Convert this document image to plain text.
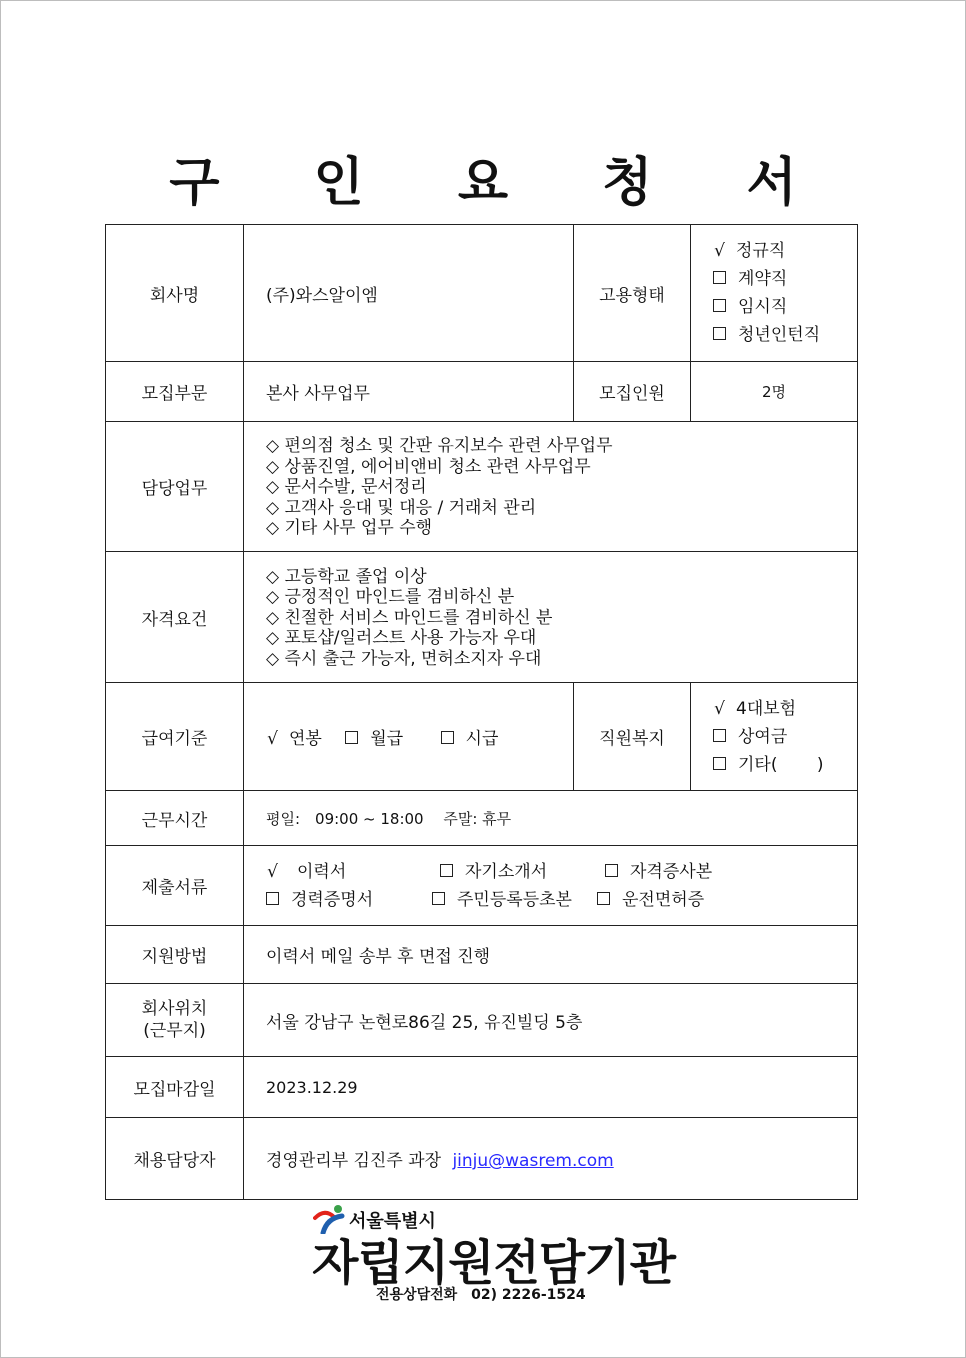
구 인 요 청 서
회사명	(주)와스알이엠	고용형태	√ 정규직
계약직
임시직
청년인턴직

모집부문	본사 사무업무	모집인원	2명
담당업무	◇ 편의점 청소 및 간판 유지보수 관련 사무업무
◇ 상품진열, 에어비앤비 청소 관련 사무업무
◇ 문서수발, 문서정리
◇ 고객사 응대 및 대응 / 거래처 관리
◇ 기타 사무 업무 수행		

자격요건	◇ 고등학교 졸업 이상
◇ 긍정적인 마인드를 겸비하신 분
◇ 친절한 서비스 마인드를 겸비하신 분
◇ 포토샵/일러스트 사용 가능자 우대
◇ 즉시 출근 가능자, 면허소지자 우대		

급여기준	√ 연봉 월급 시급	직원복지	√ 4대보험
상여금
기타(　　 )

근무시간	평일:　09:00 ~ 18:00　 주말: 휴무		
제출서류	√ 이력서 자기소개서 자격증사본
경력증명서 주민등록등초본 운전면허증		

지원방법	이력서 메일 송부 후 면접 진행		

회사위치
(근무지)	서울 강남구 논현로86길 25, 유진빌딩 5층		
모집마감일	2023.12.29		
채용담당자	경영관리부 김진주 과장 jinju@wasrem.com		
서울특별시
자립지원전담기관
전용상담전화　02) 2226-1524
